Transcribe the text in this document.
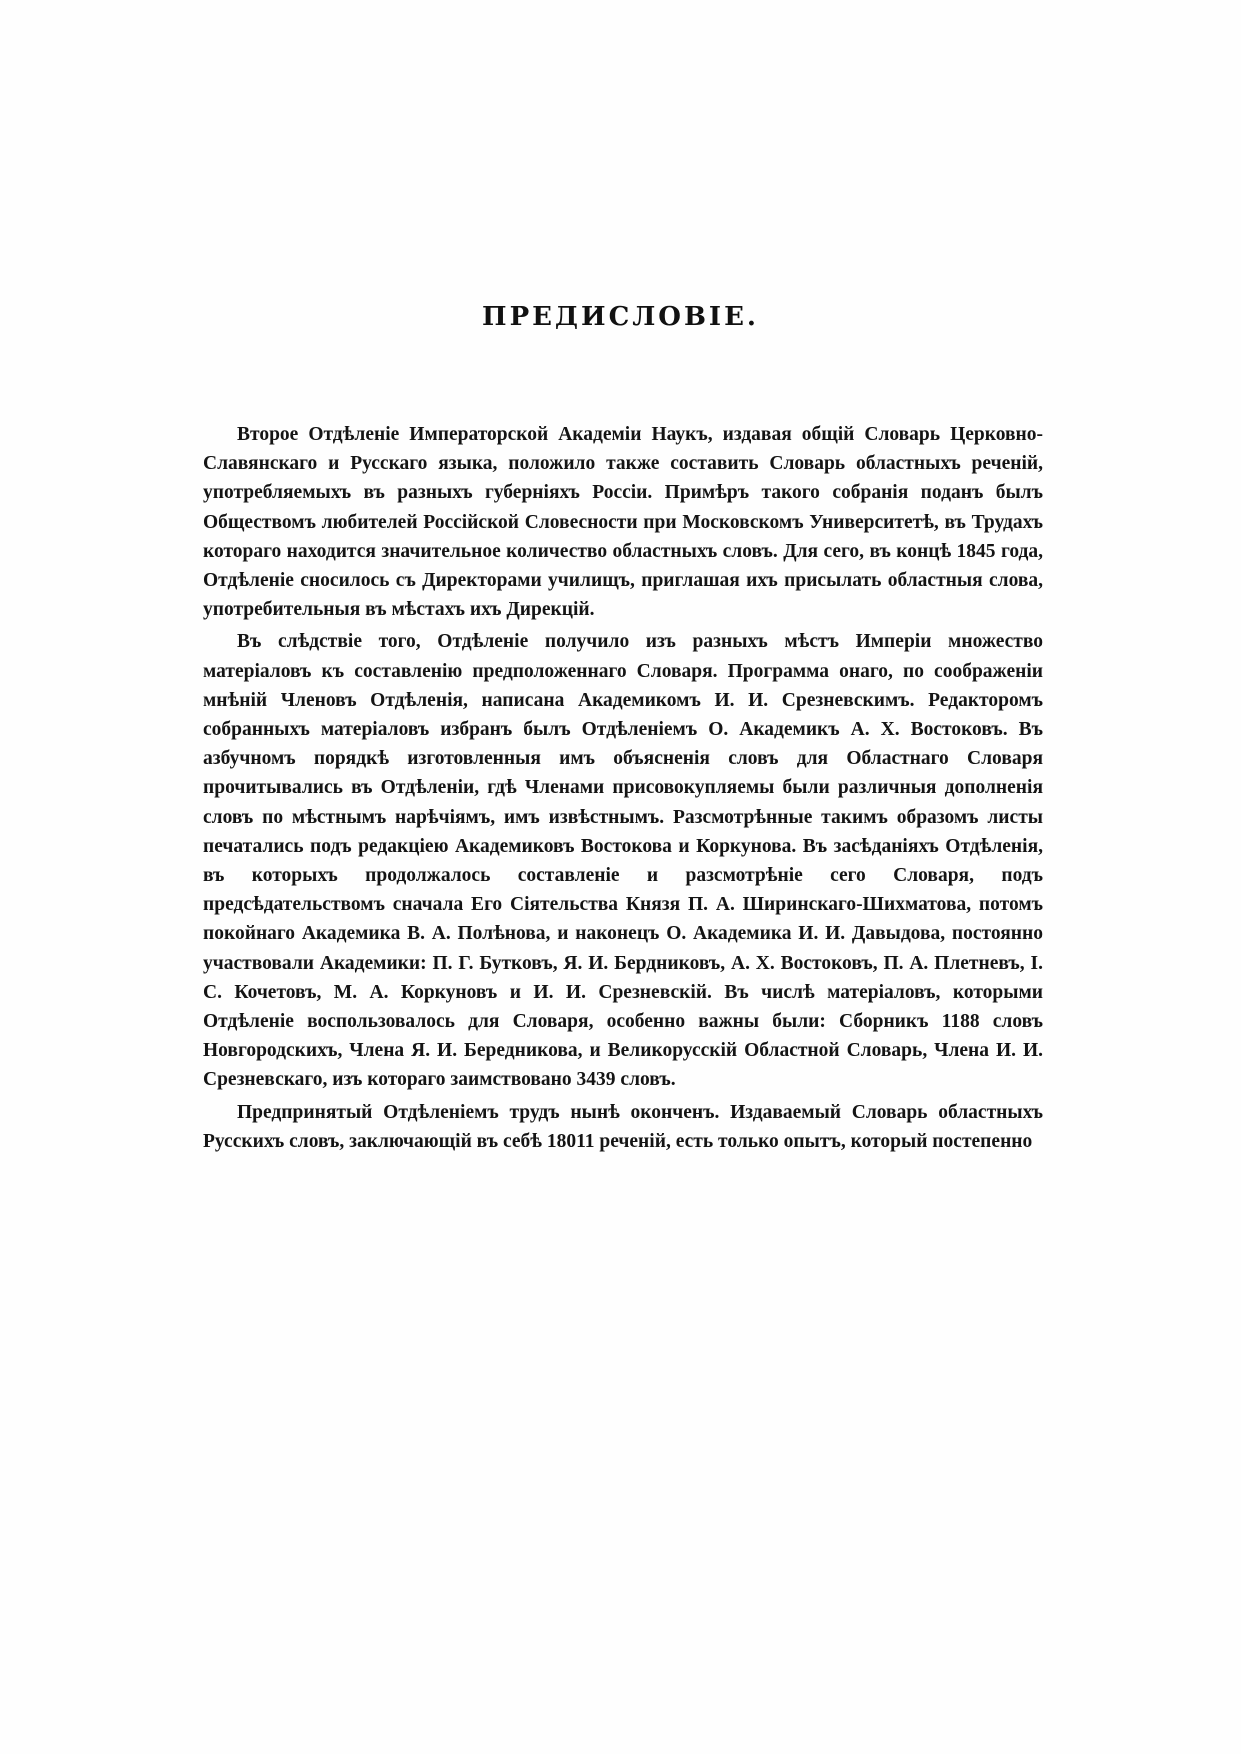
ПРЕДИСЛОВІЕ.

Второе Отдѣленіе Императорской Академіи Наукъ, издавая общій Словарь Церковно-Славянскаго и Русскаго языка, положило также составить Словарь областныхъ реченій, употребляемыхъ въ разныхъ губерніяхъ Россіи. Примѣръ такого собранія поданъ былъ Обществомъ любителей Россійской Словесности при Московскомъ Университетѣ, въ Трудахъ котораго находится значительное количество областныхъ словъ. Для сего, въ концѣ 1845 года, Отдѣленіе сносилось съ Директорами училищъ, приглашая ихъ присылать областныя слова, употребительныя въ мѣстахъ ихъ Дирекцій.

Въ слѣдствіе того, Отдѣленіе получило изъ разныхъ мѣстъ Имперіи множество матеріаловъ къ составленію предположеннаго Словаря. Программа онаго, по соображеніи мнѣній Членовъ Отдѣленія, написана Академикомъ И. И. Срезневскимъ. Редакторомъ собранныхъ матеріаловъ избранъ былъ Отдѣленіемъ О. Академикъ А. Х. Востоковъ. Въ азбучномъ порядкѣ изготовленныя имъ объясненія словъ для Областнаго Словаря прочитывались въ Отдѣленіи, гдѣ Членами присовокупляемы были различныя дополненія словъ по мѣстнымъ нарѣчіямъ, имъ извѣстнымъ. Разсмотрѣнные такимъ образомъ листы печатались подъ редакціею Академиковъ Востокова и Коркунова. Въ засѣданіяхъ Отдѣленія, въ которыхъ продолжалось составленіе и разсмотрѣніе сего Словаря, подъ предсѣдательствомъ сначала Его Сіятельства Князя П. А. Ширинскаго-Шихматова, потомъ покойнаго Академика В. А. Полѣнова, и наконецъ О. Академика И. И. Давыдова, постоянно участвовали Академики: П. Г. Бутковъ, Я. И. Бердниковъ, А. Х. Востоковъ, П. А. Плетневъ, І. С. Кочетовъ, М. А. Коркуновъ и И. И. Срезневскій. Въ числѣ матеріаловъ, которыми Отдѣленіе воспользовалось для Словаря, особенно важны были: Сборникъ 1188 словъ Новгородскихъ, Члена Я. И. Бередникова, и Великорусскій Областной Словарь, Члена И. И. Срезневскаго, изъ котораго заимствовано 3439 словъ.

Предпринятый Отдѣленіемъ трудъ нынѣ оконченъ. Издаваемый Словарь областныхъ Русскихъ словъ, заключающій въ себѣ 18011 реченій, есть только опытъ, который постепенно
